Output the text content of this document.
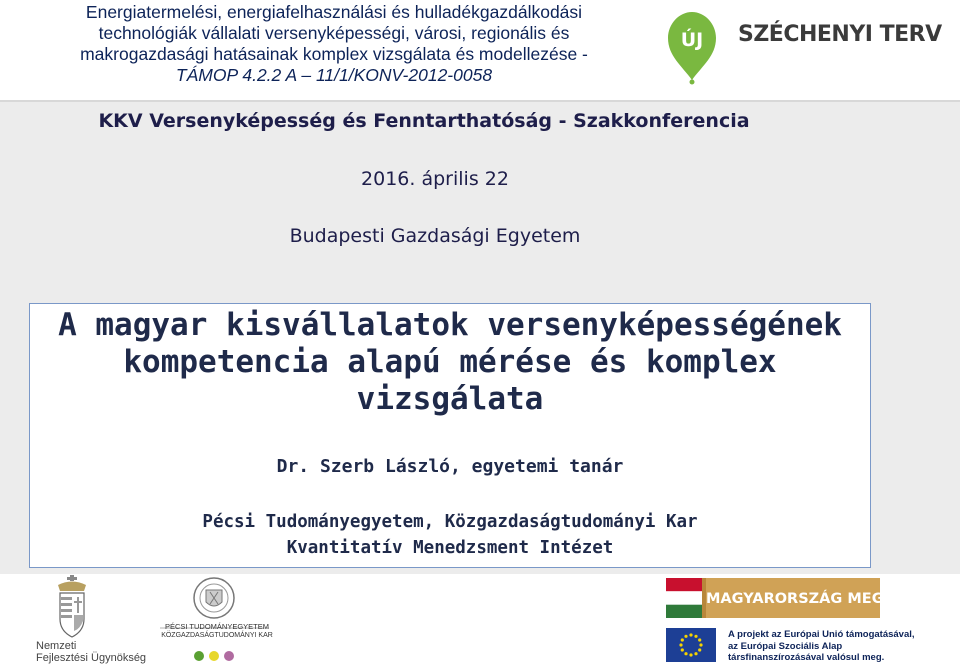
Energiatermelési, energiafelhasználási és hulladékgazdálkodási
technológiák vállalati versenyképességi, városi, regionális és
makrogazdasági hatásainak komplex vizsgálata és modellezése -
TÁMOP 4.2.2 A – 11/1/KONV-2012-0058
ÚJ SZÉCHENYI TERV
KKV Versenyképesség és Fenntarthatóság - Szakkonferencia
2016. április 22
Budapesti Gazdasági Egyetem
A magyar kisvállalatok versenyképességének
kompetencia alapú mérése és komplex
vizsgálata
Dr. Szerb László, egyetemi tanár
Pécsi Tudományegyetem, Közgazdaságtudományi Kar
Kvantitatív Menedzsment Intézet
Nemzeti
Fejlesztési Ügynökség
PÉCSI TUDOMÁNYEGYETEM
KÖZGAZDASÁGTUDOMÁNYI KAR
MAGYARORSZÁG MEGÚJUL
A projekt az Európai Unió támogatásával,
az Európai Szociális Alap
társfinanszírozásával valósul meg.
